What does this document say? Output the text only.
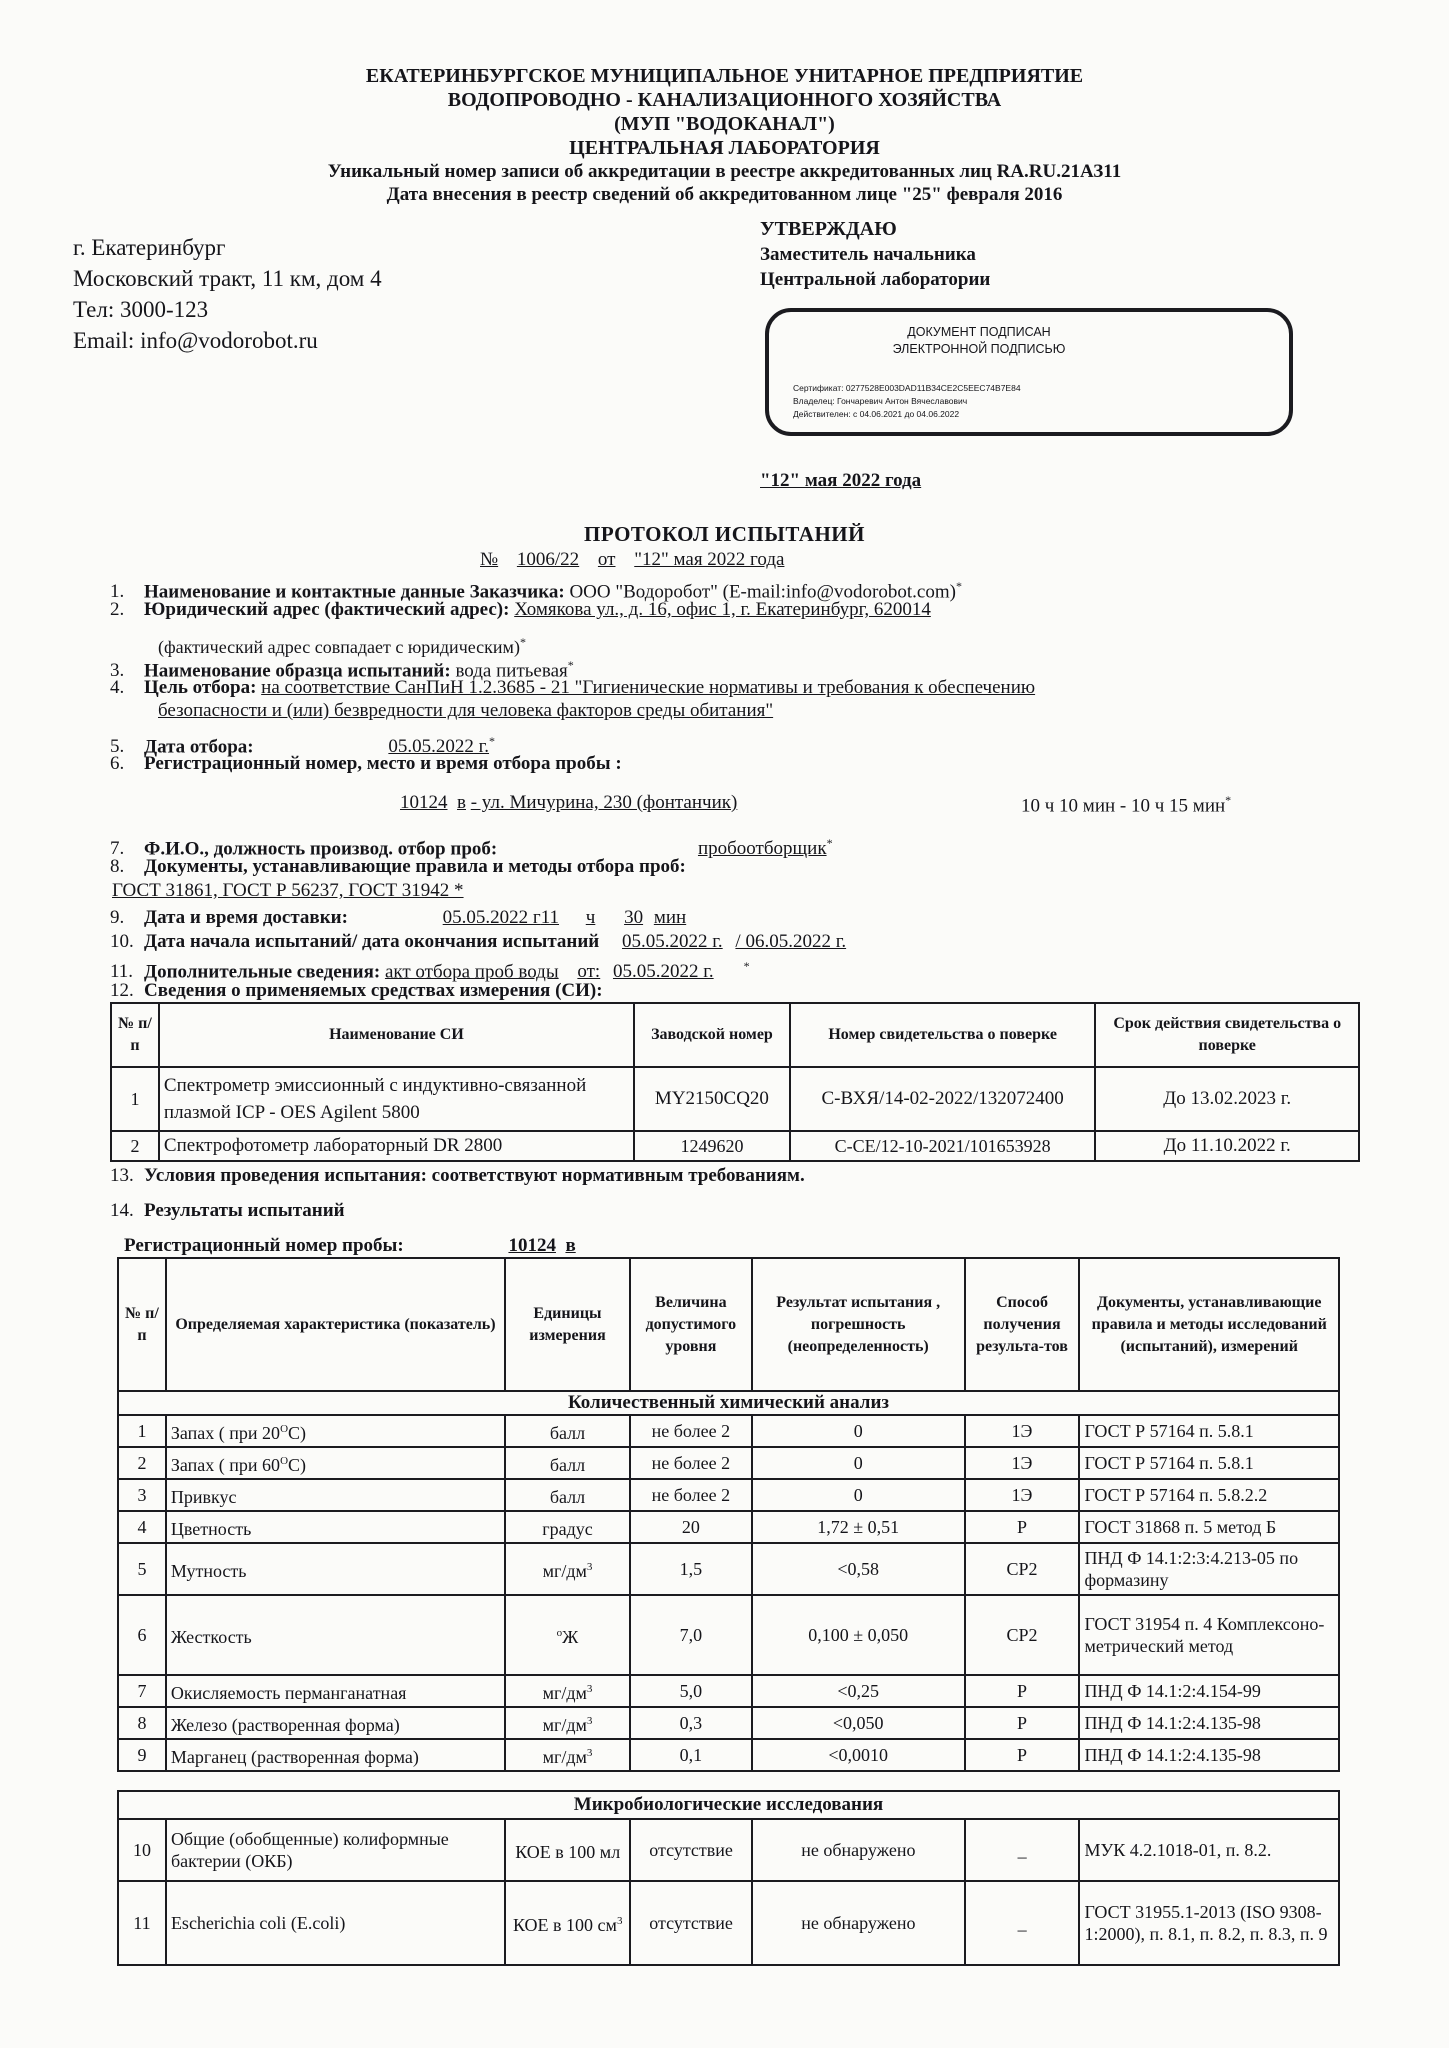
ЕКАТЕРИНБУРГСКОЕ МУНИЦИПАЛЬНОЕ УНИТАРНОЕ ПРЕДПРИЯТИЕ
ВОДОПРОВОДНО - КАНАЛИЗАЦИОННОГО ХОЗЯЙСТВА
(МУП "ВОДОКАНАЛ")
ЦЕНТРАЛЬНАЯ ЛАБОРАТОРИЯ
Уникальный номер записи об аккредитации в реестре аккредитованных лиц RA.RU.21АЗ11
Дата внесения в реестр сведений об аккредитованном лице "25" февраля 2016
г. Екатеринбург
Московский тракт, 11 км, дом 4
Тел: 3000-123
Email: info@vodorobot.ru
УТВЕРЖДАЮ
Заместитель начальника
Центральной лаборатории
ДОКУМЕНТ ПОДПИСАН
ЭЛЕКТРОННОЙ ПОДПИСЬЮ
Сертификат: 0277528E003DAD11B34CE2C5EEC74B7E84
Владелец: Гончаревич Антон Вячеславович
Действителен: с 04.06.2021 до 04.06.2022
"12" мая 2022 года
ПРОТОКОЛ ИСПЫТАНИЙ
№ 1006/22 от "12" мая 2022 года
1. Наименование и контактные данные Заказчика: ООО "Водоробот" (E-mail:info@vodorobot.com)*
2. Юридический адрес (фактический адрес): Хомякова ул., д. 16, офис 1, г. Екатеринбург, 620014
(фактический адрес совпадает с юридическим)*
3. Наименование образца испытаний: вода питьевая*
4. Цель отбора: на соответствие СанПиН 1.2.3685 - 21 "Гигиенические нормативы и требования к обеспечению
безопасности и (или) безвредности для человека факторов среды обитания"
5. Дата отбора:	05.05.2022 г.*
6. Регистрационный номер, место и время отбора пробы :
10124 в - ул. Мичурина, 230 (фонтанчик)	10 ч 10 мин - 10 ч 15 мин*
7. Ф.И.О., должность производ. отбор проб:	пробоотборщик*
8. Документы, устанавливающие правила и методы отбора проб:
ГОСТ 31861, ГОСТ Р 56237, ГОСТ 31942 *
9. Дата и время доставки:	05.05.2022 г11 ч 30 мин
10. Дата начала испытаний/ дата окончания испытаний 05.05.2022 г. / 06.05.2022 г.
11. Дополнительные сведения: акт отбора проб воды от: 05.05.2022 г.	*
12. Сведения о применяемых средствах измерения (СИ):
№ п/п	Наименование СИ	Заводской номер	Номер свидетельства о поверке	Срок действия свидетельства о поверке
1	Спектрометр эмиссионный с индуктивно-связанной плазмой ICP - OES Agilent 5800	MY2150CQ20	С-ВХЯ/14-02-2022/132072400	До 13.02.2023 г.
2	Спектрофотометр лабораторный DR 2800	1249620	С-СЕ/12-10-2021/101653928	До 11.10.2022 г.
13. Условия проведения испытания: соответствуют нормативным требованиям.
14. Результаты испытаний
Регистрационный номер пробы:	10124 в
№ п/п	Определяемая характеристика (показатель)	Единицы измерения	Величина допустимого уровня	Результат испытания , погрешность (неопределенность)	Способ получения результа-тов	Документы, устанавливающие правила и методы исследований (испытаний), измерений
Количественный химический анализ						
1	Запах ( при $20^ОС$)	балл	не более 2	0	1Э	ГОСТ Р 57164 п. 5.8.1
2	Запах ( при $60^ОС$)	балл	не более 2	0	1Э	ГОСТ Р 57164 п. 5.8.1
3	Привкус	балл	не более 2	0	1Э	ГОСТ Р 57164 п. 5.8.2.2
4	Цветность	градус	20	1,72 ± 0,51	Р	ГОСТ 31868 п. 5 метод Б
5	Мутность	$мг/дм^3$	1,5	<0,58	СР2	ПНД Ф 14.1:2:3:4.213-05 по формазину
6	Жесткость	$^о$Ж	7,0	0,100 ± 0,050	СР2	ГОСТ 31954 п. 4 Комплексоно-метрический метод
7	Окисляемость перманганатная	$мг/дм^3$	5,0	<0,25	Р	ПНД Ф 14.1:2:4.154-99
8	Железо (растворенная форма)	$мг/дм^3$	0,3	<0,050	Р	ПНД Ф 14.1:2:4.135-98
9	Марганец (растворенная форма)	$мг/дм^3$	0,1	<0,0010	Р	ПНД Ф 14.1:2:4.135-98
Микробиологические исследования						
10	Общие (обобщенные) колиформные бактерии (ОКБ)	КОЕ в 100 мл	отсутствие	не обнаружено	_	МУК 4.2.1018-01, п. 8.2.
11	Escherichia coli (E.coli)	КОЕ в 100 $см^3$	отсутствие	не обнаружено	_	ГОСТ 31955.1-2013 (ISO 9308-1:2000), п. 8.1, п. 8.2, п. 8.3, п. 9
